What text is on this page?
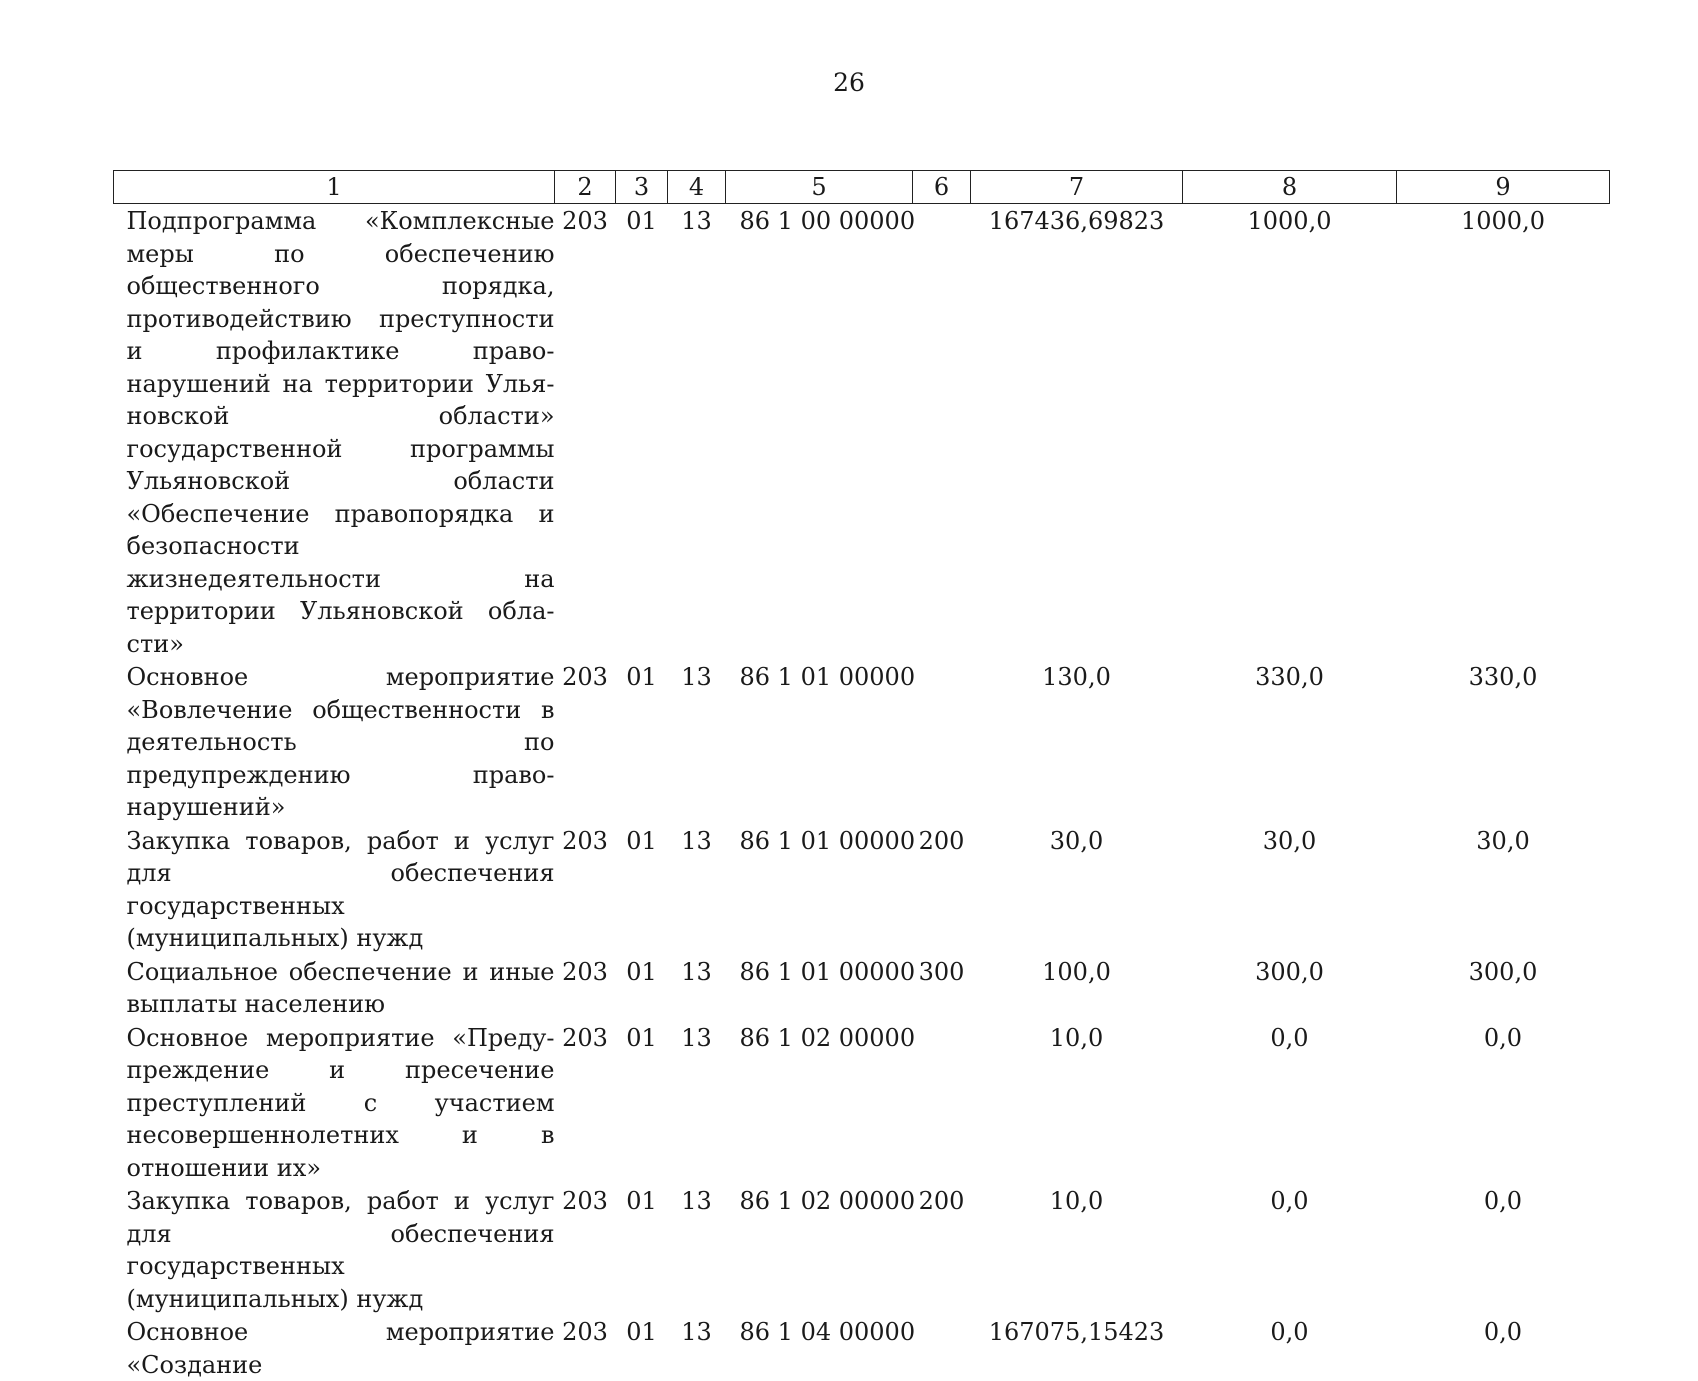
26
1	2	3	4	5	6	7	8	9
Подпрограмма «Комплексные меры по обеспечению общественного порядка, противодействию преступности и профилактике правонарушений на территории Ульяновской области» государственной программы Ульяновской области «Обеспечение правопорядка и безопасности жизнедеятельности на территории Ульяновской области»	203	01	13	86 1 00 00000		167436,69823	1000,0	1000,0
Основное мероприятие «Вовлечение общественности в деятельность по предупреждению правонарушений»	203	01	13	86 1 01 00000		130,0	330,0	330,0
Закупка товаров, работ и услуг для обеспечения государственных (муниципальных) нужд	203	01	13	86 1 01 00000	200	30,0	30,0	30,0
Социальное обеспечение и иные выплаты населению	203	01	13	86 1 01 00000	300	100,0	300,0	300,0
Основное мероприятие «Предупреждение и пресечение преступлений с участием несовершеннолетних и в отношении их»	203	01	13	86 1 02 00000		10,0	0,0	0,0
Закупка товаров, работ и услуг для обеспечения государственных (муниципальных) нужд	203	01	13	86 1 02 00000	200	10,0	0,0	0,0
Основное мероприятие «Создание	203	01	13	86 1 04 00000		167075,15423	0,0	0,0
